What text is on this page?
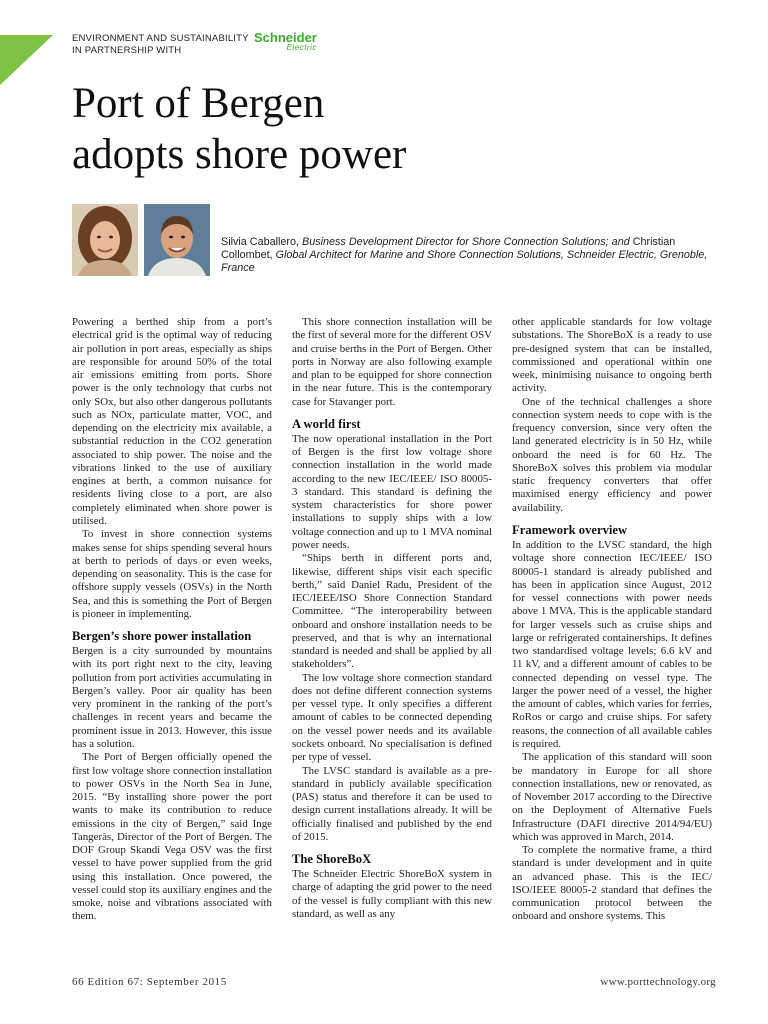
ENVIRONMENT AND SUSTAINABILITY
IN PARTNERSHIP WITH
Schneider
Electric
Port of Bergen
adopts shore power
Silvia Caballero, Business Development Director for Shore Connection Solutions; and Christian Collombet, Global Architect for Marine and Shore Connection Solutions, Schneider Electric, Grenoble, France

Powering a berthed ship from a port’s electrical grid is the optimal way of reducing air pollution in port areas, especially as ships are responsible for around 50% of the total air emissions emitting from ports. Shore power is the only technology that curbs not only SOx, but also other dangerous pollutants such as NOx, particulate matter, VOC, and depending on the electricity mix available, a substantial reduction in the CO2 generation associated to ship power. The noise and the vibrations linked to the use of auxiliary engines at berth, a common nuisance for residents living close to a port, are also completely eliminated when shore power is utilised.

To invest in shore connection systems makes sense for ships spending several hours at berth to periods of days or even weeks, depending on seasonality. This is the case for offshore supply vessels (OSVs) in the North Sea, and this is something the Port of Bergen is pioneer in implementing.

Bergen’s shore power installation

Bergen is a city surrounded by mountains with its port right next to the city, leaving pollution from port activities accumulating in Bergen’s valley. Poor air quality has been very prominent in the ranking of the port’s challenges in recent years and became the prominent issue in 2013. However, this issue has a solution.

The Port of Bergen officially opened the first low voltage shore connection installation to power OSVs in the North Sea in June, 2015. “By installing shore power the port wants to make its contribution to reduce emissions in the city of Bergen,” said Inge Tangeràs, Director of the Port of Bergen. The DOF Group Skandi Vega OSV was the first vessel to have power supplied from the grid using this installation. Once powered, the vessel could stop its auxiliary engines and the smoke, noise and vibrations associated with them.

This shore connection installation will be the first of several more for the different OSV and cruise berths in the Port of Bergen. Other ports in Norway are also following example and plan to be equipped for shore connection in the near future. This is the contemporary case for Stavanger port.

A world first

The now operational installation in the Port of Bergen is the first low voltage shore connection installation in the world made according to the new IEC/IEEE/ ISO 80005-3 standard. This standard is defining the system characteristics for shore power installations to supply ships with a low voltage connection and up to 1 MVA nominal power needs.

“Ships berth in different ports and, likewise, different ships visit each specific berth,” said Daniel Radu, President of the IEC/IEEE/ISO Shore Connection Standard Committee. “The interoperability between onboard and onshore installation needs to be preserved, and that is why an international standard is needed and shall be applied by all stakeholders”.

The low voltage shore connection standard does not define different connection systems per vessel type. It only specifies a different amount of cables to be connected depending on the vessel power needs and its available sockets onboard. No specialisation is defined per type of vessel.

The LVSC standard is available as a pre-standard in publicly available specification (PAS) status and therefore it can be used to design current installations already. It will be officially finalised and published by the end of 2015.

The ShoreBoX

The Schneider Electric ShoreBoX system in charge of adapting the grid power to the need of the vessel is fully compliant with this new standard, as well as any

other applicable standards for low voltage substations. The ShoreBoX is a ready to use pre-designed system that can be installed, commissioned and operational within one week, minimising nuisance to ongoing berth activity.

One of the technical challenges a shore connection system needs to cope with is the frequency conversion, since very often the land generated electricity is in 50 Hz, while onboard the need is for 60 Hz. The ShoreBoX solves this problem via modular static frequency converters that offer maximised energy efficiency and power availability.

Framework overview

In addition to the LVSC standard, the high voltage shore connection IEC/IEEE/ ISO 80005-1 standard is already published and has been in application since August, 2012 for vessel connections with power needs above 1 MVA. This is the applicable standard for larger vessels such as cruise ships and large or refrigerated containerships. It defines two standardised voltage levels; 6.6 kV and 11 kV, and a different amount of cables to be connected depending on vessel type. The larger the power need of a vessel, the higher the amount of cables, which varies for ferries, RoRos or cargo and cruise ships. For safety reasons, the connection of all available cables is required.

The application of this standard will soon be mandatory in Europe for all shore connection installations, new or renovated, as of November 2017 according to the Directive on the Deployment of Alternative Fuels Infrastructure (DAFI directive 2014/94/EU) which was approved in March, 2014.

To complete the normative frame, a third standard is under development and in quite an advanced phase. This is the IEC/ ISO/IEEE 80005-2 standard that defines the communication protocol between the onboard and onshore systems. This

66 Edition 67: September 2015	www.porttechnology.org
